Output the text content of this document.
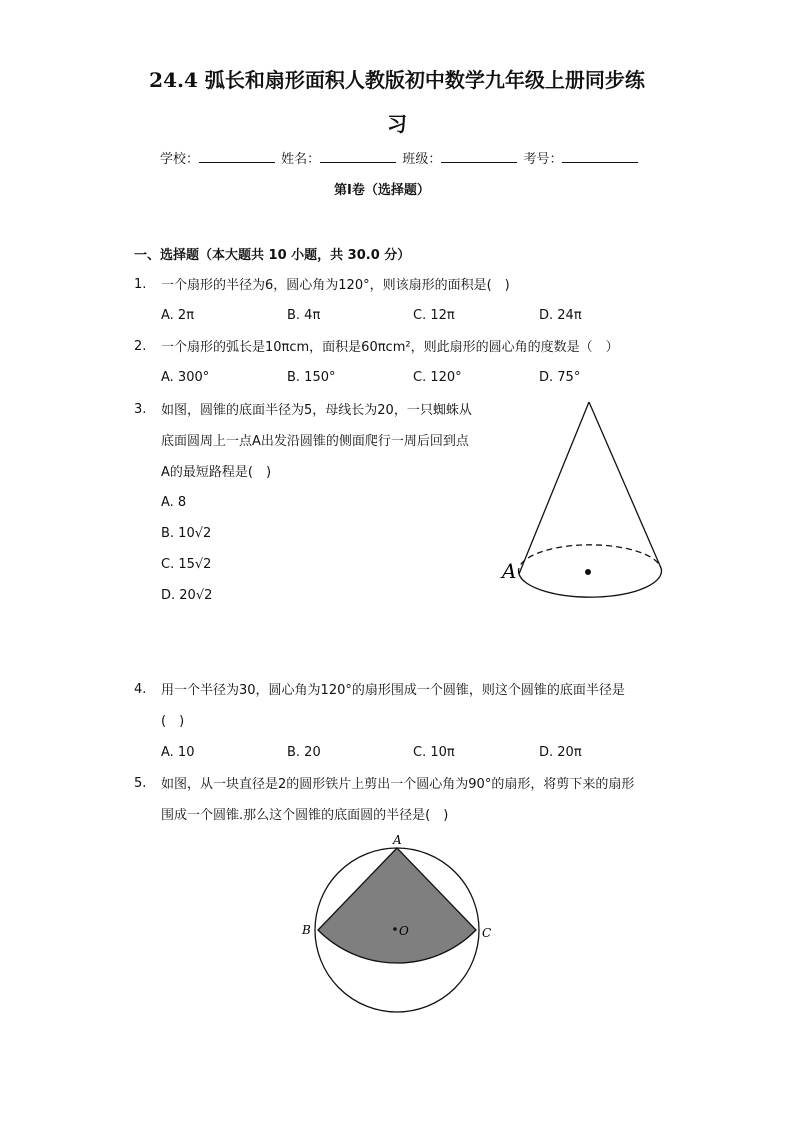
24.4 弧长和扇形面积人教版初中数学九年级上册同步练
习
学校：	姓名：	班级：	考号：
第I卷（选择题）
一、选择题（本大题共 10 小题，共 30.0 分）
1. 一个扇形的半径为6，圆心角为120°，则该扇形的面积是(　)
A. 2π	B. 4π	C. 12π	D. 24π
2. 一个扇形的弧长是10πcm，面积是60πcm²，则此扇形的圆心角的度数是（　）
A. 300°	B. 150°	C. 120°	D. 75°
3. 如图，圆锥的底面半径为5，母线长为20，一只蜘蛛从
底面圆周上一点A出发沿圆锥的侧面爬行一周后回到点
A的最短路程是(　)
A. 8
B. 10√2
C. 15√2
D. 20√2
A
4. 用一个半径为30，圆心角为120°的扇形围成一个圆锥，则这个圆锥的底面半径是
(　)
A. 10	B. 20	C. 10π	D. 20π
5. 如图，从一块直径是2的圆形铁片上剪出一个圆心角为90°的扇形，将剪下来的扇形
围成一个圆锥.那么这个圆锥的底面圆的半径是(　)
O
A
B	C
